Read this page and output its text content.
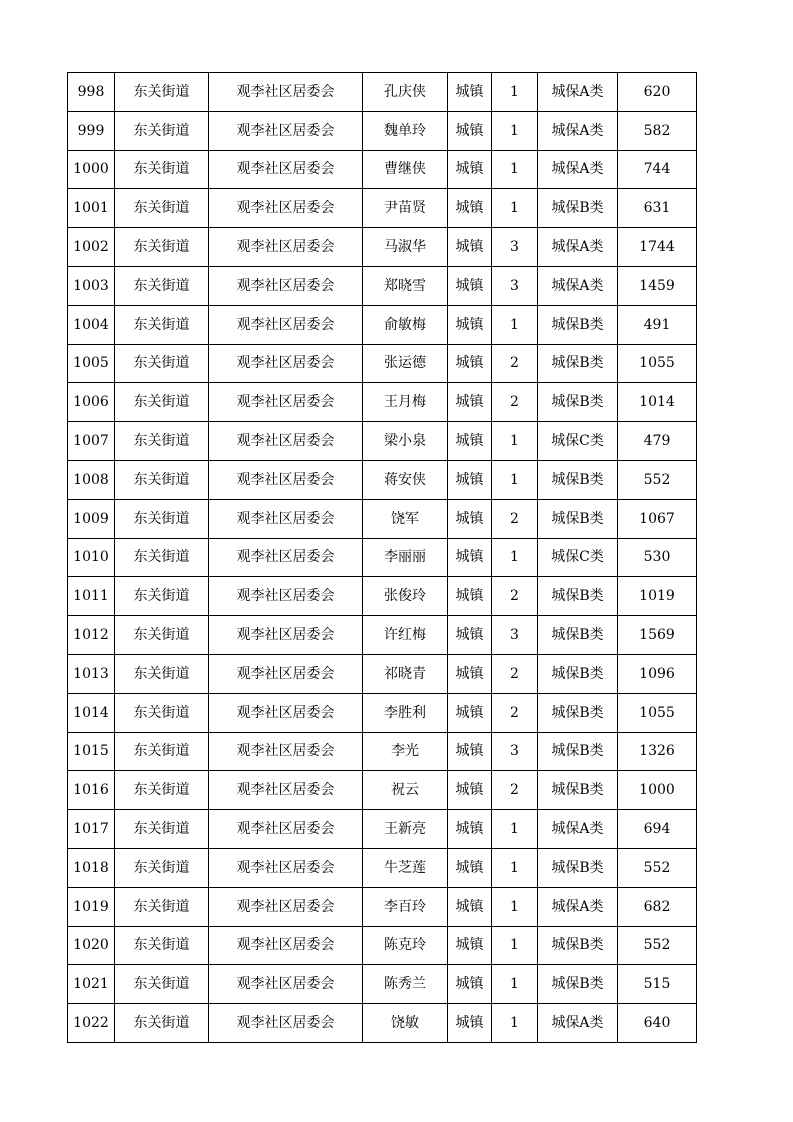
998	东关街道	观李社区居委会	孔庆侠	城镇	1	城保A类	620
999	东关街道	观李社区居委会	魏单玲	城镇	1	城保A类	582
1000	东关街道	观李社区居委会	曹继侠	城镇	1	城保A类	744
1001	东关街道	观李社区居委会	尹苗贤	城镇	1	城保B类	631
1002	东关街道	观李社区居委会	马淑华	城镇	3	城保A类	1744
1003	东关街道	观李社区居委会	郑晓雪	城镇	3	城保A类	1459
1004	东关街道	观李社区居委会	俞敏梅	城镇	1	城保B类	491
1005	东关街道	观李社区居委会	张运德	城镇	2	城保B类	1055
1006	东关街道	观李社区居委会	王月梅	城镇	2	城保B类	1014
1007	东关街道	观李社区居委会	梁小泉	城镇	1	城保C类	479
1008	东关街道	观李社区居委会	蒋安侠	城镇	1	城保B类	552
1009	东关街道	观李社区居委会	饶军	城镇	2	城保B类	1067
1010	东关街道	观李社区居委会	李丽丽	城镇	1	城保C类	530
1011	东关街道	观李社区居委会	张俊玲	城镇	2	城保B类	1019
1012	东关街道	观李社区居委会	许红梅	城镇	3	城保B类	1569
1013	东关街道	观李社区居委会	祁晓青	城镇	2	城保B类	1096
1014	东关街道	观李社区居委会	李胜利	城镇	2	城保B类	1055
1015	东关街道	观李社区居委会	李光	城镇	3	城保B类	1326
1016	东关街道	观李社区居委会	祝云	城镇	2	城保B类	1000
1017	东关街道	观李社区居委会	王新亮	城镇	1	城保A类	694
1018	东关街道	观李社区居委会	牛芝莲	城镇	1	城保B类	552
1019	东关街道	观李社区居委会	李百玲	城镇	1	城保A类	682
1020	东关街道	观李社区居委会	陈克玲	城镇	1	城保B类	552
1021	东关街道	观李社区居委会	陈秀兰	城镇	1	城保B类	515
1022	东关街道	观李社区居委会	饶敏	城镇	1	城保A类	640
